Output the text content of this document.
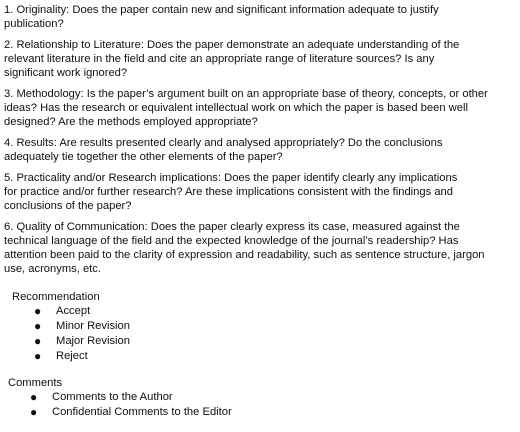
1. Originality: Does the paper contain new and significant information adequate to justify
publication?
2. Relationship to Literature: Does the paper demonstrate an adequate understanding of the
relevant literature in the field and cite an appropriate range of literature sources? Is any
significant work ignored?
3. Methodology: Is the paper’s argument built on an appropriate base of theory, concepts, or other
ideas? Has the research or equivalent intellectual work on which the paper is based been well
designed? Are the methods employed appropriate?
4. Results: Are results presented clearly and analysed appropriately? Do the conclusions
adequately tie together the other elements of the paper?
5. Practicality and/or Research implications: Does the paper identify clearly any implications
for practice and/or further research? Are these implications consistent with the findings and
conclusions of the paper?
6. Quality of Communication: Does the paper clearly express its case, measured against the
technical language of the field and the expected knowledge of the journal’s readership? Has
attention been paid to the clarity of expression and readability, such as sentence structure, jargon
use, acronyms, etc.
Recommendation
● Accept
● Minor Revision
● Major Revision
● Reject
Comments
● Comments to the Author
● Confidential Comments to the Editor
